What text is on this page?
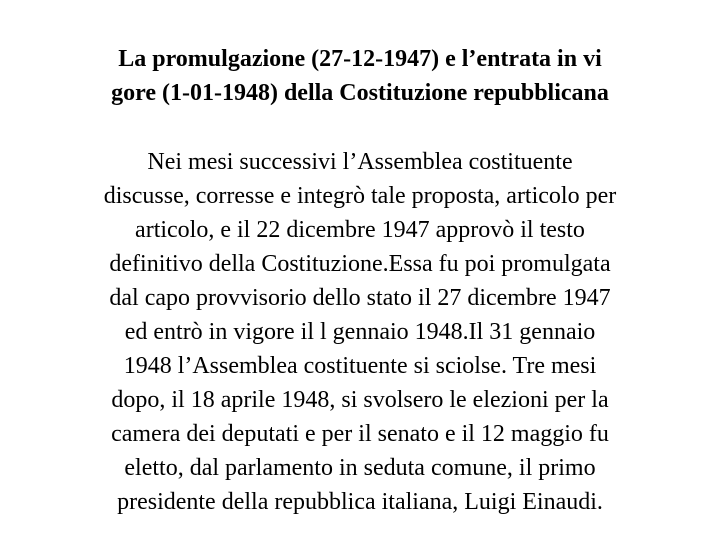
La promulgazione (27-12-1947) e l’entrata in vi
gore (1-01-1948) della Costituzione repubblicana
Nei mesi successivi l’Assemblea costituente
discusse, corresse e integrò tale proposta, articolo per
articolo, e il 22 dicembre 1947 approvò il testo
definitivo della Costituzione.Essa fu poi promulgata
dal capo provvisorio dello stato il 27 dicembre 1947
ed entrò in vigore il l gennaio 1948.Il 31 gennaio
1948 l’Assemblea costituente si sciolse. Tre mesi
dopo, il 18 aprile 1948, si svolsero le elezioni per la
camera dei deputati e per il senato e il 12 maggio fu
eletto, dal parlamento in seduta comune, il primo
presidente della repubblica italiana, Luigi Einaudi.
